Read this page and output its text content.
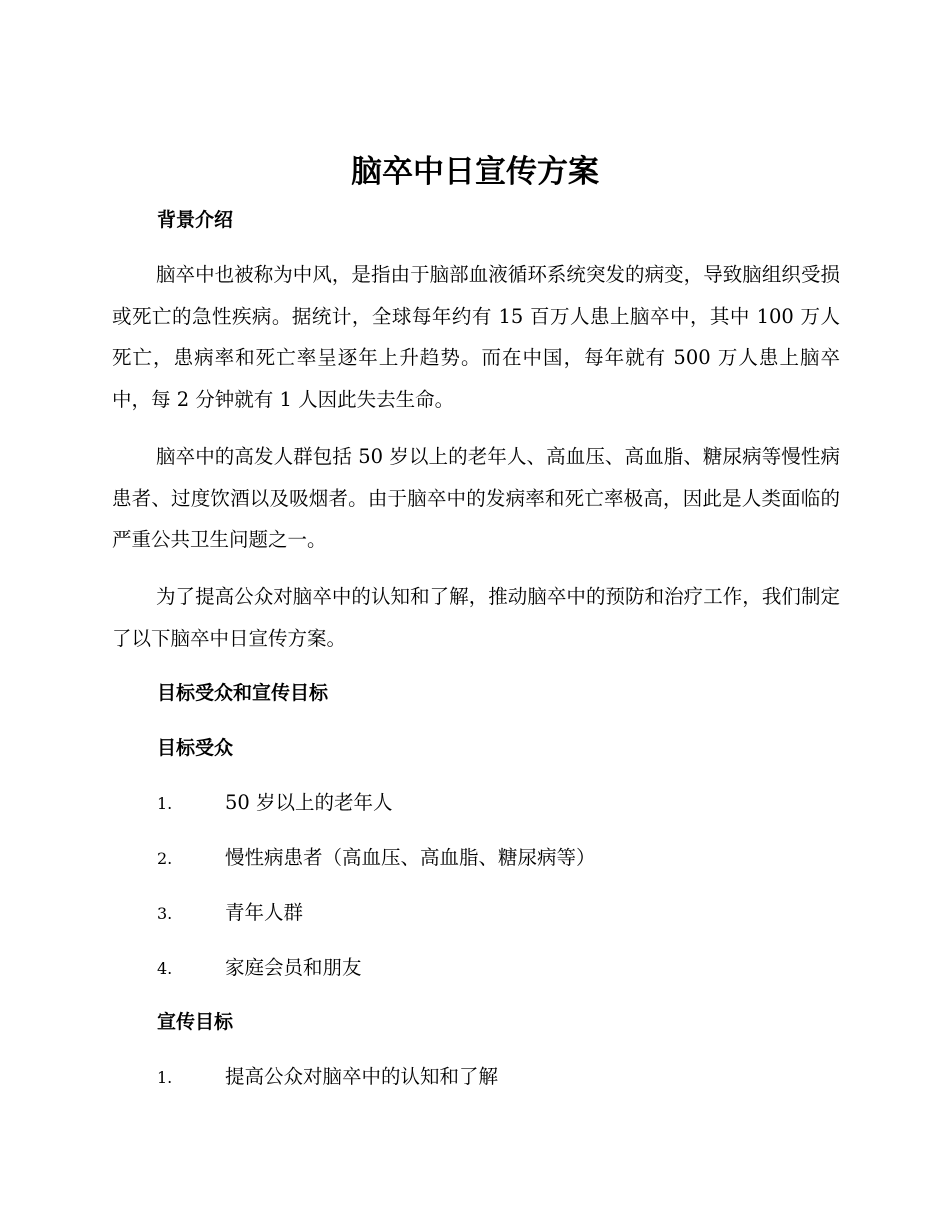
脑卒中日宣传方案
背景介绍

脑卒中也被称为中风，是指由于脑部血液循环系统突发的病变，导致脑组织受损或死亡的急性疾病。据统计，全球每年约有 15 百万人患上脑卒中，其中 100 万人死亡，患病率和死亡率呈逐年上升趋势。而在中国，每年就有 500 万人患上脑卒中，每 2 分钟就有 1 人因此失去生命。

脑卒中的高发人群包括 50 岁以上的老年人、高血压、高血脂、糖尿病等慢性病患者、过度饮酒以及吸烟者。由于脑卒中的发病率和死亡率极高，因此是人类面临的严重公共卫生问题之一。

为了提高公众对脑卒中的认知和了解，推动脑卒中的预防和治疗工作，我们制定了以下脑卒中日宣传方案。

目标受众和宣传目标
目标受众
1.	50 岁以上的老年人
2.	慢性病患者（高血压、高血脂、糖尿病等）
3.	青年人群
4.	家庭会员和朋友
宣传目标
1.	提高公众对脑卒中的认知和了解
